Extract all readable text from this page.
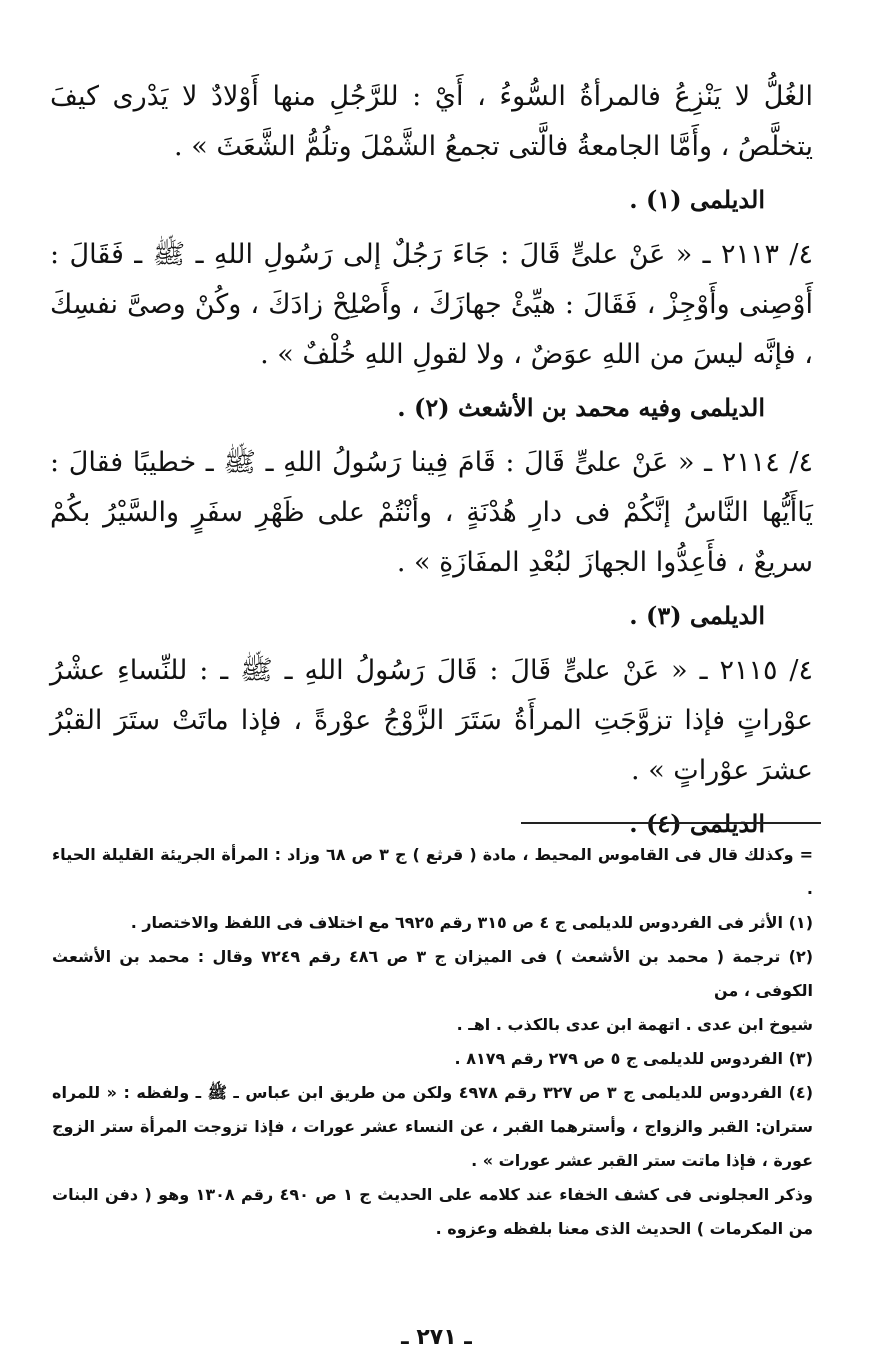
الغُلُّ لا يَنْزِعُ فالمرأةُ السُّوءُ ، أَيْ : للرَّجُلِ منها أَوْلادٌ لا يَدْرى كيفَ يتخلَّصُ ، وأَمَّا الجامعةُ فالَّتى تجمعُ الشَّمْلَ وتلُمُّ الشَّعَثَ » .

الديلمى (١) .

٤/ ٢١١٣ ـ « عَنْ علىٍّ قَالَ : جَاءَ رَجُلٌ إلى رَسُولِ اللهِ ـ ﷺ ـ فَقَالَ : أَوْصِنى وأَوْجِزْ ، فَقَالَ : هيِّئْ جهازَكَ ، وأَصْلِحْ زادَكَ ، وكُنْ وصىَّ نفسِكَ ، فإنَّه ليسَ من اللهِ عوَضٌ ، ولا لقولِ اللهِ خُلْفٌ » .

الديلمى وفيه محمد بن الأشعث (٢) .

٤/ ٢١١٤ ـ « عَنْ علىٍّ قَالَ : قَامَ فِينا رَسُولُ اللهِ ـ ﷺ ـ خطيبًا فقالَ : يَاأَيُّها النَّاسُ إنَّكُمْ فى دارِ هُدْنَةٍ ، وأنْتُمْ على ظَهْرِ سفَرٍ والسَّيْرُ بكُمْ سريعٌ ، فأَعِدُّوا الجهازَ لبُعْدِ المفَازَةِ » .

الديلمى (٣) .

٤/ ٢١١٥ ـ « عَنْ علىٍّ قَالَ : قَالَ رَسُولُ اللهِ ـ ﷺ ـ : للنِّساءِ عشْرُ عوْراتٍ فإذا تزوَّجَتِ المرأَةُ سَتَرَ الزَّوْجُ عوْرةً ، فإذا ماتَتْ ستَرَ القبْرُ عشرَ عوْراتٍ » .

الديلمى (٤) .

= وكذلك قال فى القاموس المحيط ، مادة ( قرثع ) ج ٣ ص ٦٨ وزاد : المرأة الجريئة القليلة الحياء .

(١) الأثر فى الفردوس للديلمى ج ٤ ص ٣١٥ رقم ٦٩٢٥ مع اختلاف فى اللفظ والاختصار .

(٢) ترجمة ( محمد بن الأشعث ) فى الميزان ج ٣ ص ٤٨٦ رقم ٧٢٤٩ وقال : محمد بن الأشعث الكوفى ، من

شيوخ ابن عدى . اتهمة ابن عدى بالكذب . اهـ .

(٣) الفردوس للديلمى ج ٥ ص ٢٧٩ رقم ٨١٧٩ .

(٤) الفردوس للديلمى ج ٣ ص ٣٢٧ رقم ٤٩٧٨ ولكن من طريق ابن عباس ـ ﷺ ـ ولفظه : « للمراه ستران: القبر والزواج ، وأسترهما القبر ، عن النساء عشر عورات ، فإذا تزوجت المرأة ستر الزوج عورة ، فإذا ماتت ستر القبر عشر عورات » .

وذكر العجلونى فى كشف الخفاء عند كلامه على الحديث ج ١ ص ٤٩٠ رقم ١٣٠٨ وهو ( دفن البنات من المكرمات ) الحديث الذى معنا بلفظه وعزوه .

ـ ٢٧١ ـ
